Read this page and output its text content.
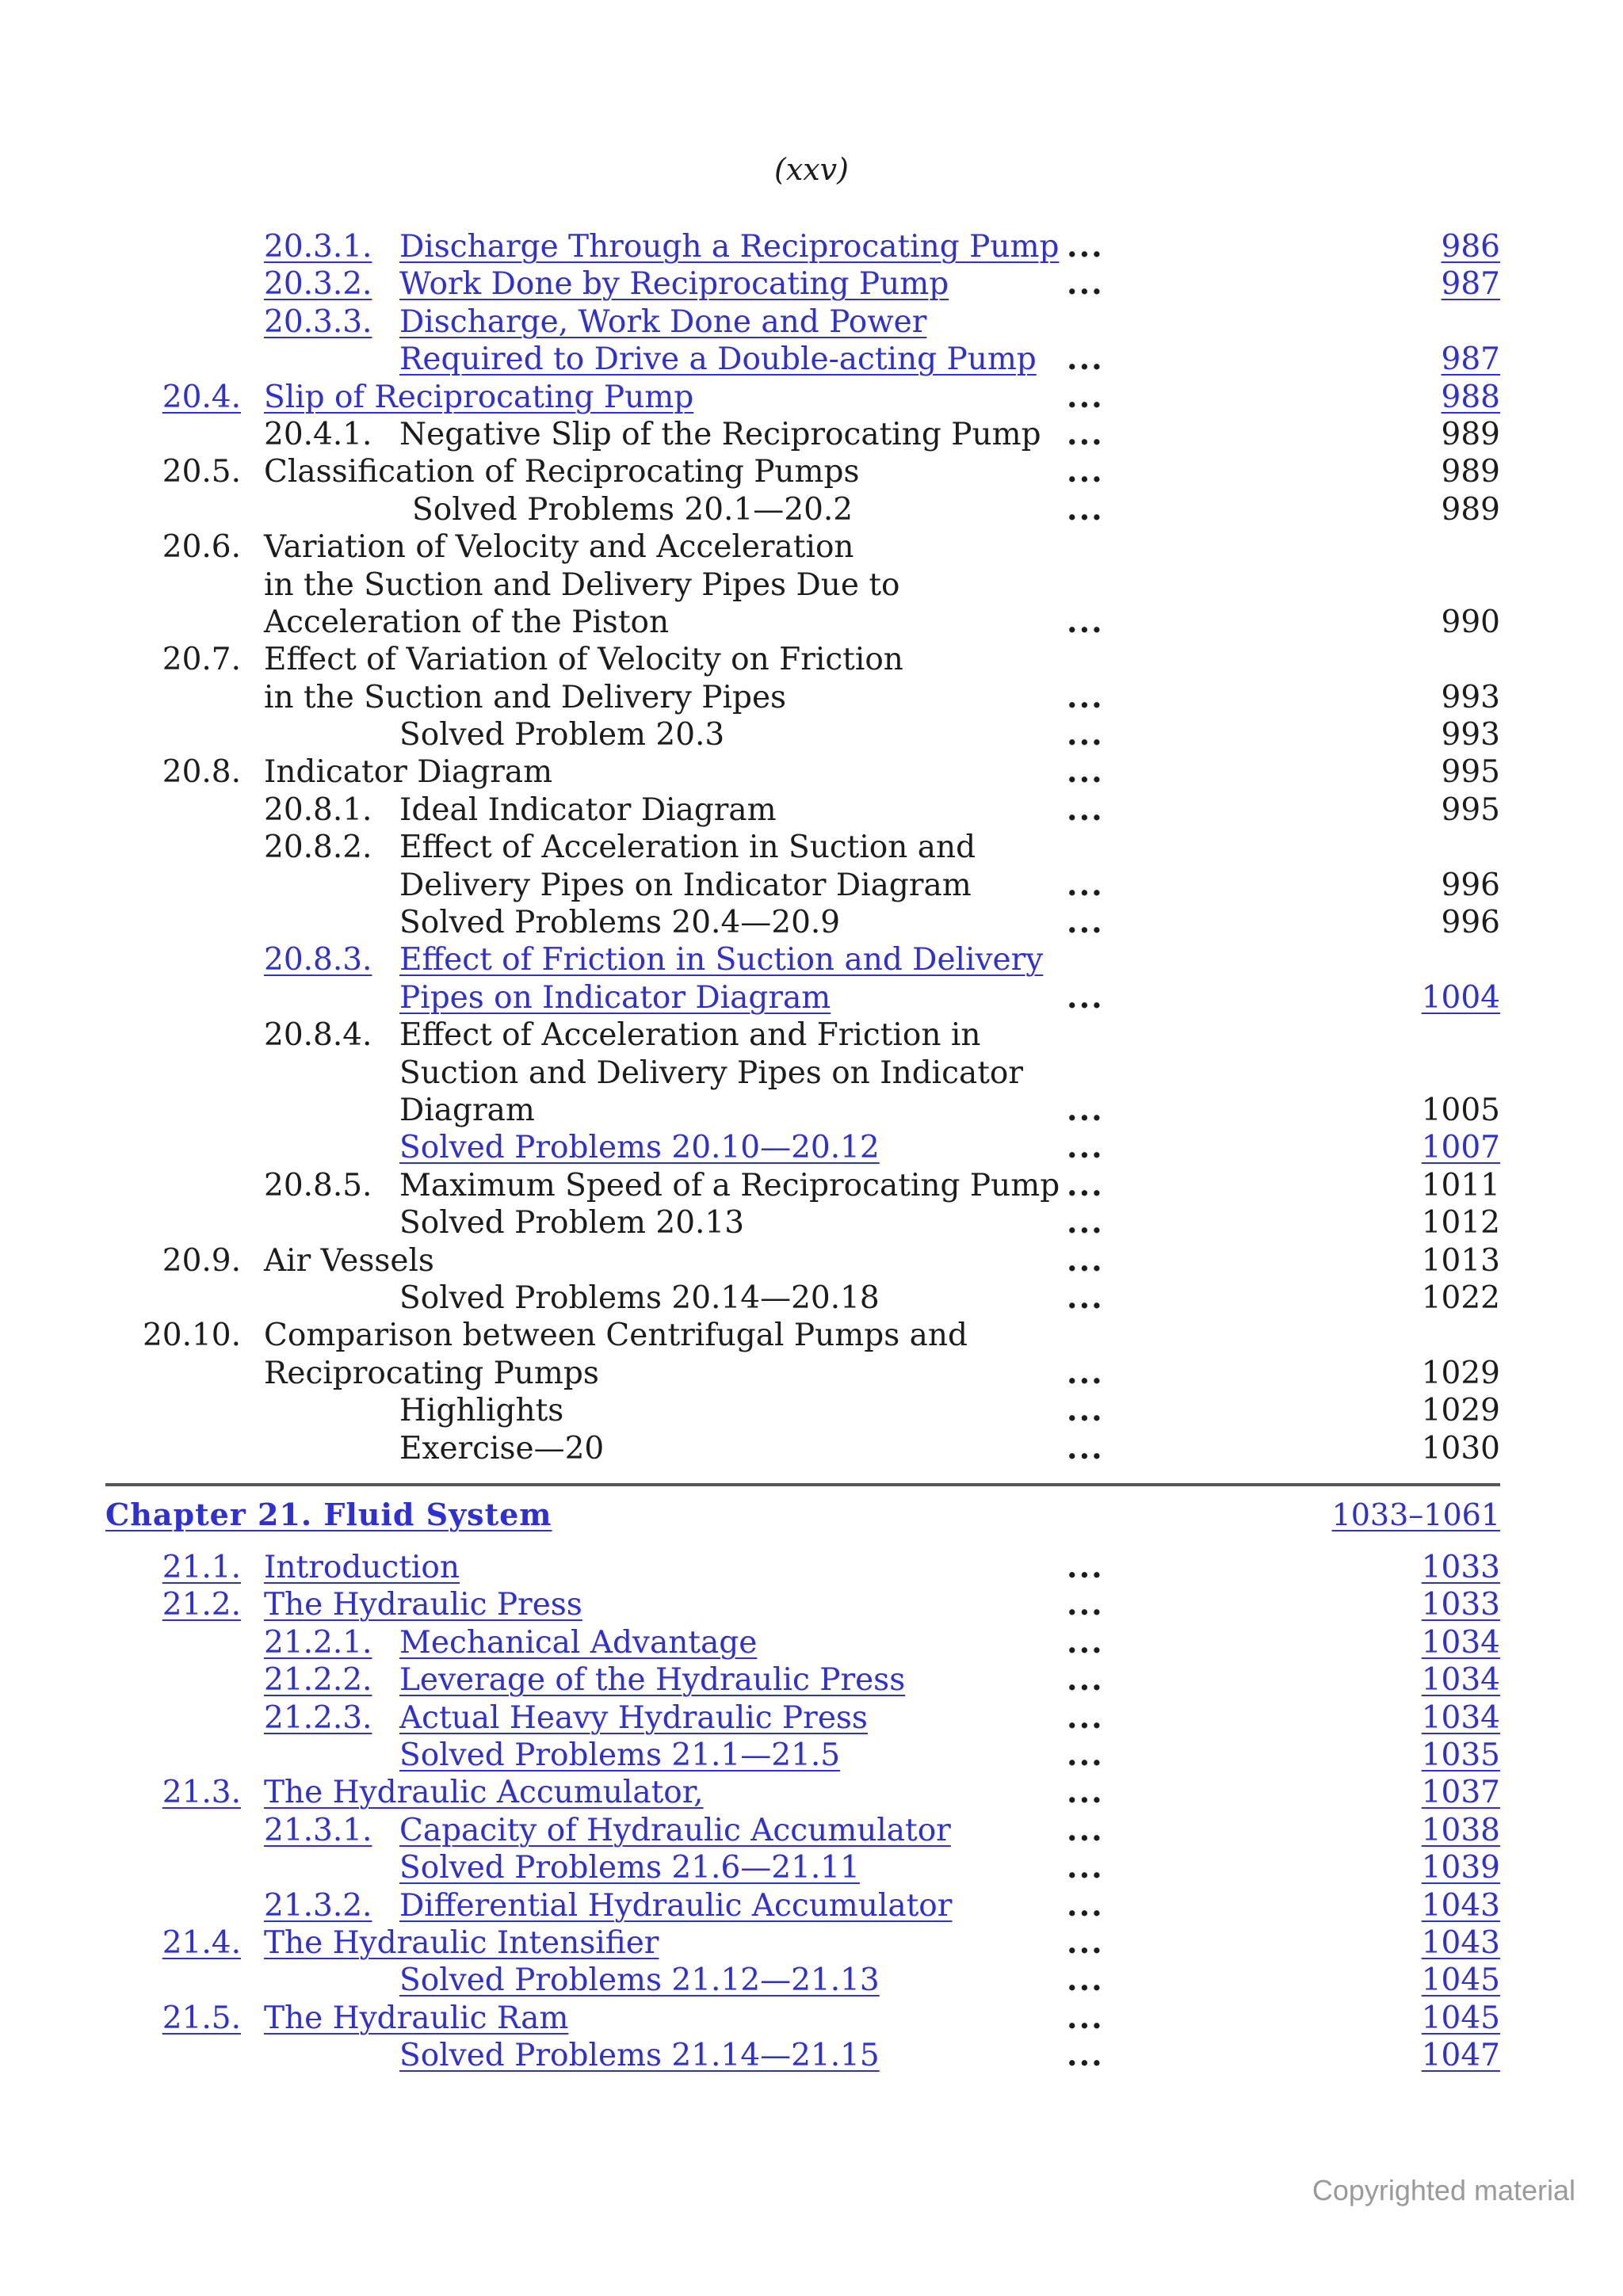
(xxv)
20.3.1. Discharge Through a Reciprocating Pump ...	986
20.3.2. Work Done by Reciprocating Pump	...	987
20.3.3. Discharge, Work Done and Power
Required to Drive a Double-acting Pump ...	987
20.4. Slip of Reciprocating Pump	...	988
20.4.1. Negative Slip of the Reciprocating Pump ...	989
20.5. Classification of Reciprocating Pumps	...	989
Solved Problems 20.1—20.2	...	989
20.6. Variation of Velocity and Acceleration
in the Suction and Delivery Pipes Due to
Acceleration of the Piston	...	990
20.7. Effect of Variation of Velocity on Friction
in the Suction and Delivery Pipes	...	993
Solved Problem 20.3	...	993
20.8. Indicator Diagram	...	995
20.8.1. Ideal Indicator Diagram	...	995
20.8.2. Effect of Acceleration in Suction and
Delivery Pipes on Indicator Diagram	...	996
Solved Problems 20.4—20.9	...	996
20.8.3. Effect of Friction in Suction and Delivery
Pipes on Indicator Diagram	...	1004
20.8.4. Effect of Acceleration and Friction in
Suction and Delivery Pipes on Indicator
Diagram	...	1005
Solved Problems 20.10—20.12	...	1007
20.8.5. Maximum Speed of a Reciprocating Pump ...	1011
Solved Problem 20.13	...	1012
20.9. Air Vessels	...	1013
Solved Problems 20.14—20.18	...	1022
20.10. Comparison between Centrifugal Pumps and
Reciprocating Pumps	...	1029
Highlights	...	1029
Exercise—20	...	1030
Chapter 21. Fluid System	1033–1061
21.1. Introduction	...	1033
21.2. The Hydraulic Press	...	1033
21.2.1. Mechanical Advantage	...	1034
21.2.2. Leverage of the Hydraulic Press	...	1034
21.2.3. Actual Heavy Hydraulic Press	...	1034
Solved Problems 21.1—21.5	...	1035
21.3. The Hydraulic Accumulator,	...	1037
21.3.1. Capacity of Hydraulic Accumulator	...	1038
Solved Problems 21.6—21.11	...	1039
21.3.2. Differential Hydraulic Accumulator	...	1043
21.4. The Hydraulic Intensifier	...	1043
Solved Problems 21.12—21.13	...	1045
21.5. The Hydraulic Ram	...	1045
Solved Problems 21.14—21.15	...	1047
Copyrighted material
